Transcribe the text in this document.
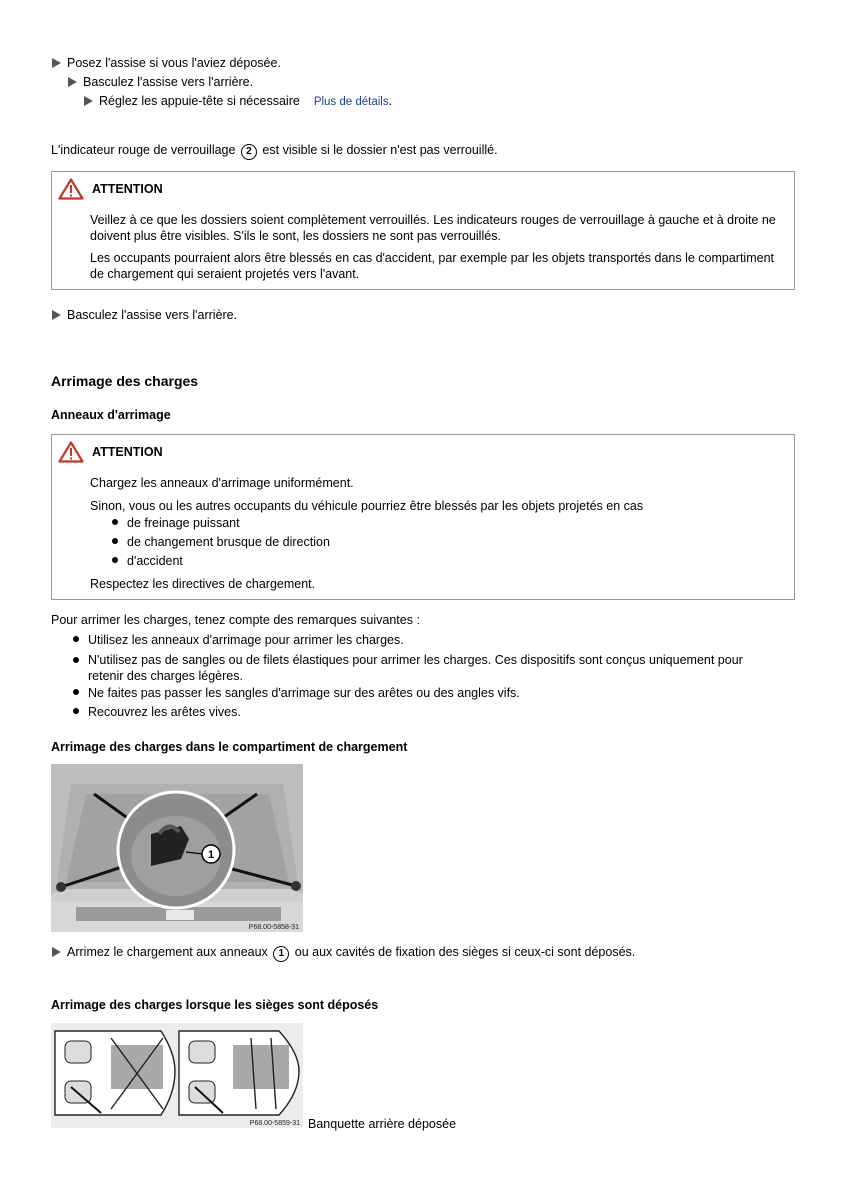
Posez l'assise si vous l'aviez déposée.
Basculez l'assise vers l'arrière.
Réglez les appuie-tête si nécessaire Plus de détails.
L'indicateur rouge de verrouillage 2 est visible si le dossier n'est pas verrouillé.
ATTENTION
Veillez à ce que les dossiers soient complètement verrouillés. Les indicateurs rouges de verrouillage à gauche et à droite ne doivent plus être visibles. S'ils le sont, les dossiers ne sont pas verrouillés.
Les occupants pourraient alors être blessés en cas d'accident, par exemple par les objets transportés dans le compartiment de chargement qui seraient projetés vers l'avant.
Basculez l'assise vers l'arrière.
Arrimage des charges
Anneaux d'arrimage
ATTENTION
Chargez les anneaux d'arrimage uniformément.
Sinon, vous ou les autres occupants du véhicule pourriez être blessés par les objets projetés en cas
de freinage puissant
de changement brusque de direction
d'accident
Respectez les directives de chargement.
Pour arrimer les charges, tenez compte des remarques suivantes :
Utilisez les anneaux d'arrimage pour arrimer les charges.
N'utilisez pas de sangles ou de filets élastiques pour arrimer les charges. Ces dispositifs sont conçus uniquement pour retenir des charges légères.
Ne faites pas passer les sangles d'arrimage sur des arêtes ou des angles vifs.
Recouvrez les arêtes vives.
Arrimage des charges dans le compartiment de chargement
1
P68.00-5858-31
Arrimez le chargement aux anneaux 1 ou aux cavités de fixation des sièges si ceux-ci sont déposés.
Arrimage des charges lorsque les sièges sont déposés
P68.00-5859-31 Banquette arrière déposée
